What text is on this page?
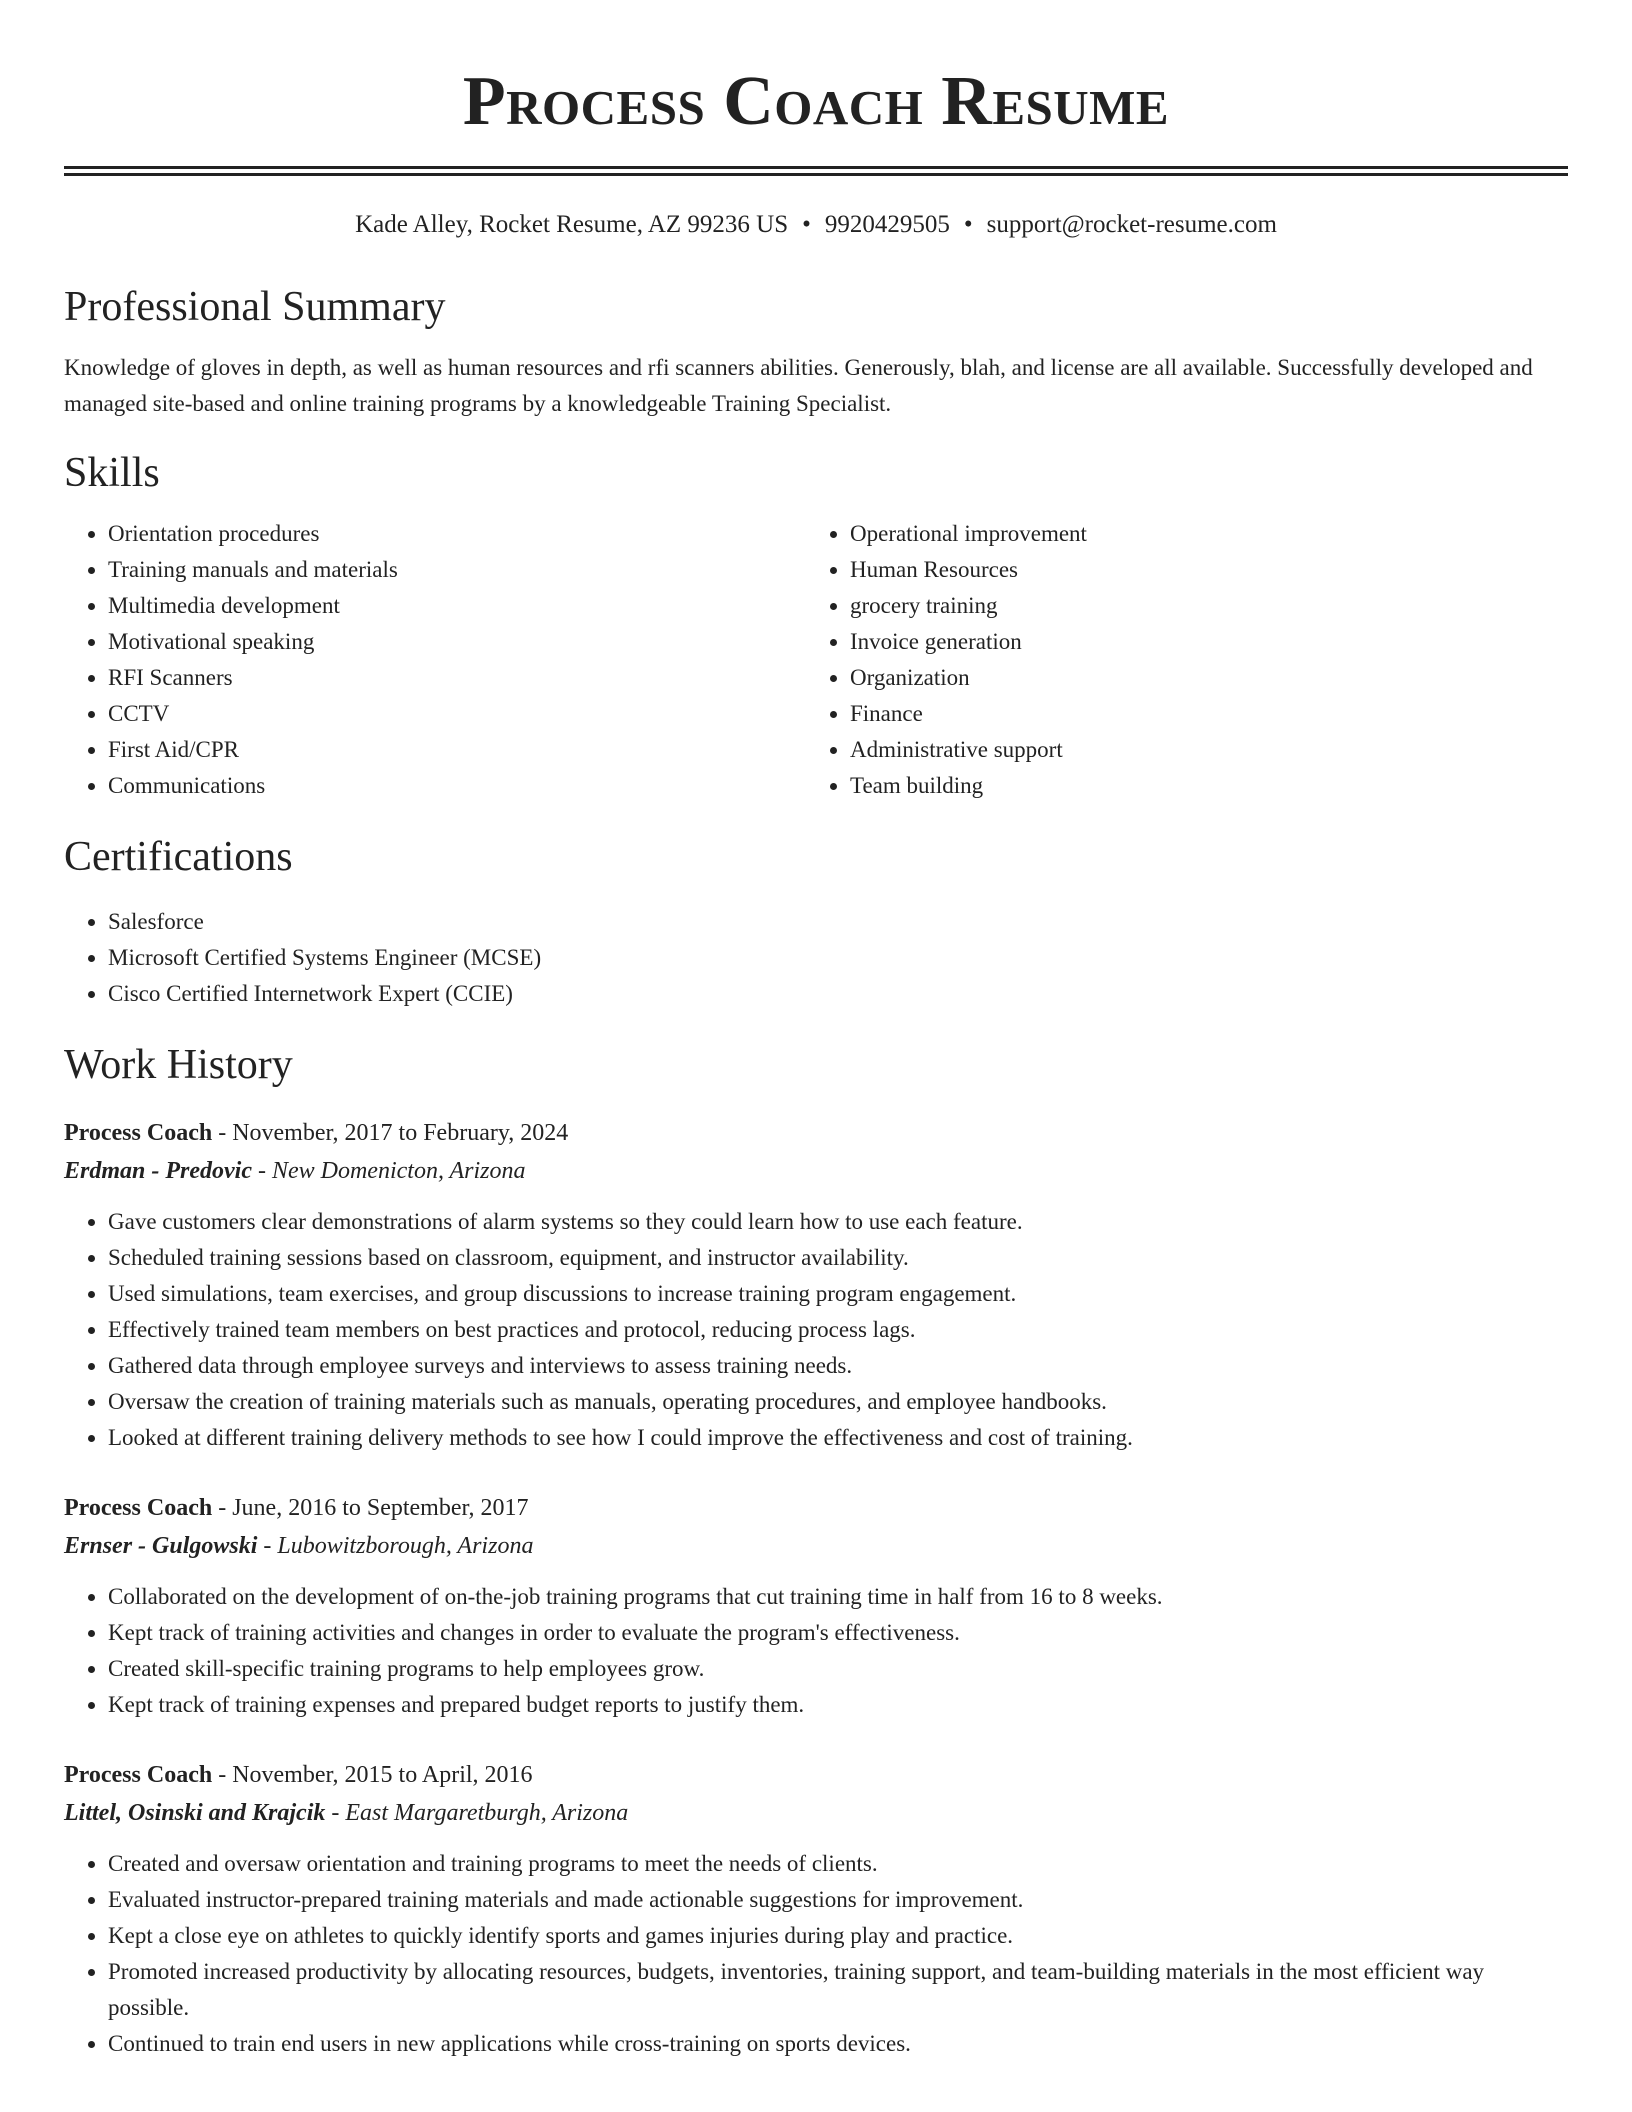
Process Coach Resume
Kade Alley, Rocket Resume, AZ 99236 US • 9920429505 • support@rocket-resume.com
Professional Summary

Knowledge of gloves in depth, as well as human resources and rfi scanners abilities. Generously, blah, and license are all available. Successfully developed and managed site-based and online training programs by a knowledgeable Training Specialist.

Skills
• Orientation procedures
• Training manuals and materials
• Multimedia development
• Motivational speaking
• RFI Scanners
• CCTV
• First Aid/CPR
• Communications
• Operational improvement
• Human Resources
• grocery training
• Invoice generation
• Organization
• Finance
• Administrative support
• Team building
Certifications
• Salesforce
• Microsoft Certified Systems Engineer (MCSE)
• Cisco Certified Internetwork Expert (CCIE)
Work History
Process Coach - November, 2017 to February, 2024
Erdman - Predovic - New Domenicton, Arizona
• Gave customers clear demonstrations of alarm systems so they could learn how to use each feature.
• Scheduled training sessions based on classroom, equipment, and instructor availability.
• Used simulations, team exercises, and group discussions to increase training program engagement.
• Effectively trained team members on best practices and protocol, reducing process lags.
• Gathered data through employee surveys and interviews to assess training needs.
• Oversaw the creation of training materials such as manuals, operating procedures, and employee handbooks.
• Looked at different training delivery methods to see how I could improve the effectiveness and cost of training.
Process Coach - June, 2016 to September, 2017
Ernser - Gulgowski - Lubowitzborough, Arizona
• Collaborated on the development of on-the-job training programs that cut training time in half from 16 to 8 weeks.
• Kept track of training activities and changes in order to evaluate the program's effectiveness.
• Created skill-specific training programs to help employees grow.
• Kept track of training expenses and prepared budget reports to justify them.
Process Coach - November, 2015 to April, 2016
Littel, Osinski and Krajcik - East Margaretburgh, Arizona
• Created and oversaw orientation and training programs to meet the needs of clients.
• Evaluated instructor-prepared training materials and made actionable suggestions for improvement.
• Kept a close eye on athletes to quickly identify sports and games injuries during play and practice.
• Promoted increased productivity by allocating resources, budgets, inventories, training support, and team-building materials in the most efficient way possible.
• Continued to train end users in new applications while cross-training on sports devices.
